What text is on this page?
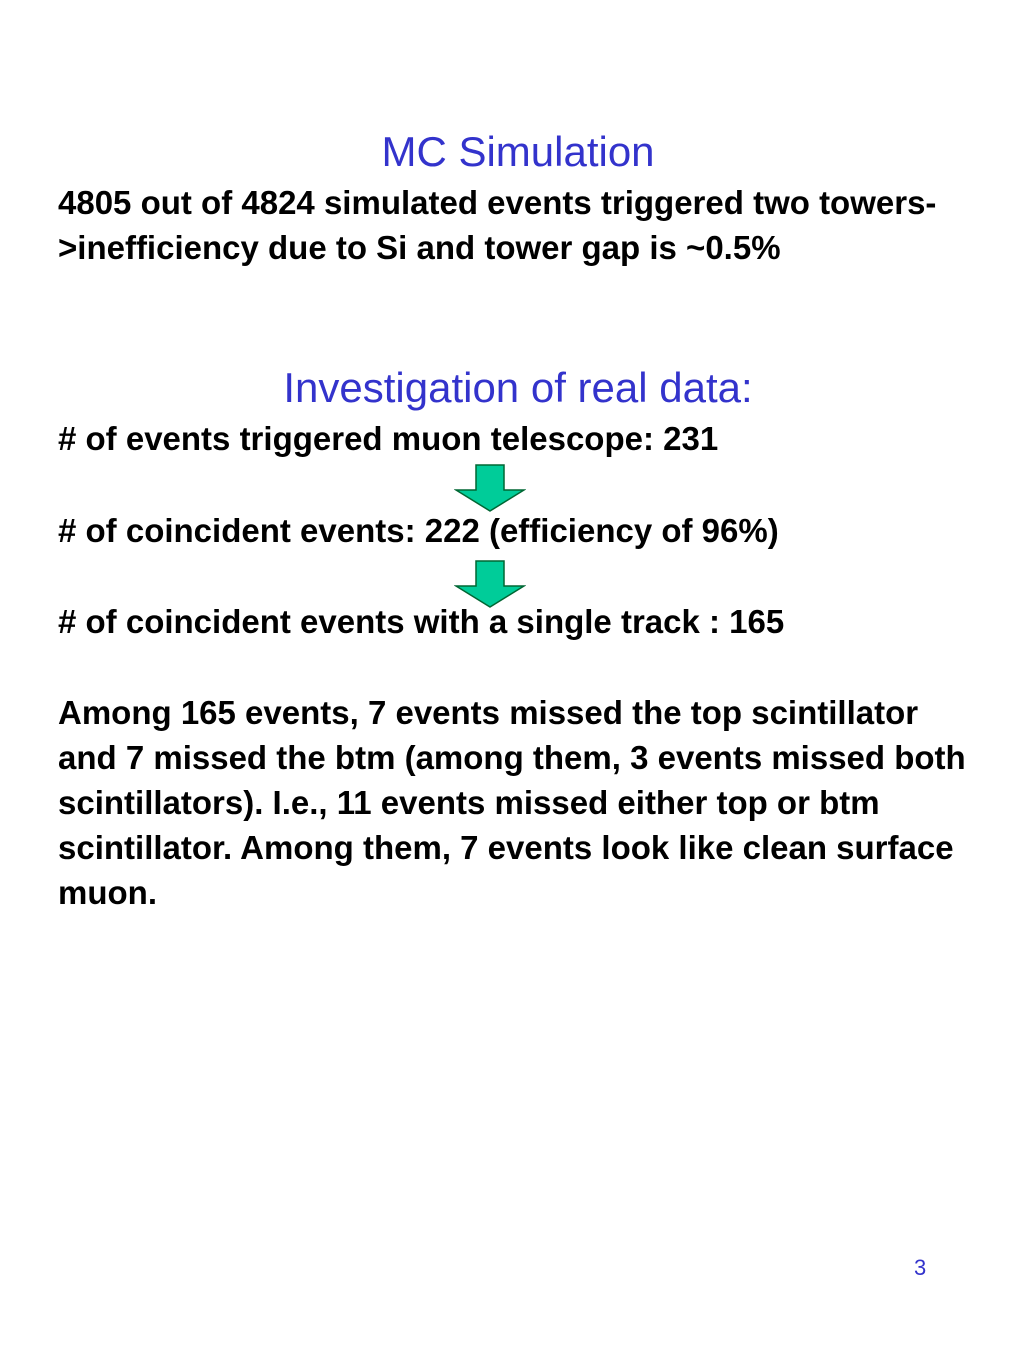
MC Simulation

4805 out of 4824 simulated events triggered two towers->inefficiency due to Si and tower gap is ~0.5%

Investigation of real data:

# of events triggered muon telescope: 231

# of coincident events: 222 (efficiency of 96%)

# of coincident events with a single track : 165

Among 165 events, 7 events missed the top scintillator and 7 missed the btm (among them, 3 events missed both scintillators). I.e., 11 events missed either top or btm scintillator. Among them, 7 events look like clean surface muon.

3
